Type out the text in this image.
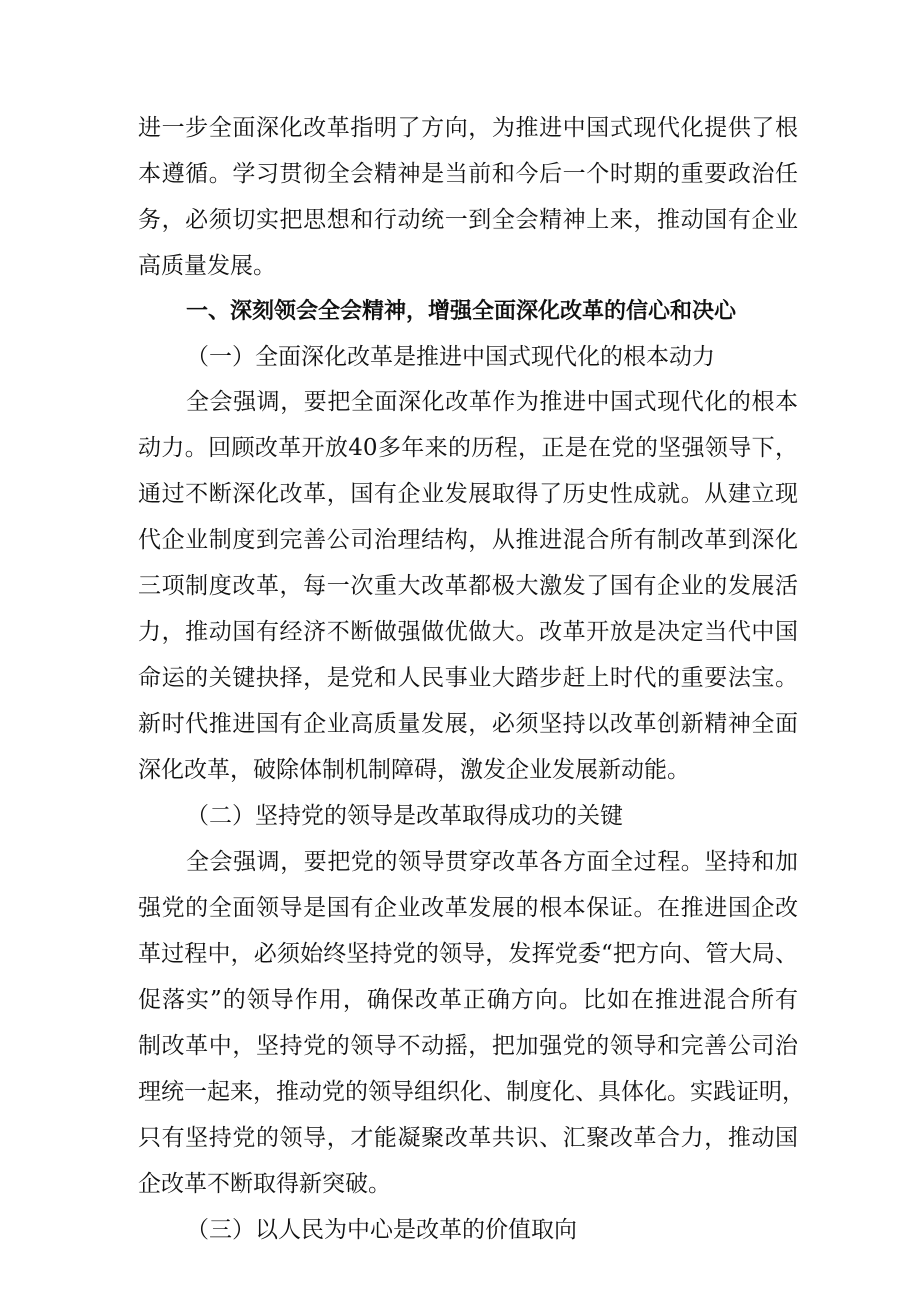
进一步全面深化改革指明了方向，为推进中国式现代化提供了根
本遵循。学习贯彻全会精神是当前和今后一个时期的重要政治任
务，必须切实把思想和行动统一到全会精神上来，推动国有企业
高质量发展。
一、深刻领会全会精神，增强全面深化改革的信心和决心
（一）全面深化改革是推进中国式现代化的根本动力
全会强调，要把全面深化改革作为推进中国式现代化的根本
动力。回顾改革开放40多年来的历程，正是在党的坚强领导下，
通过不断深化改革，国有企业发展取得了历史性成就。从建立现
代企业制度到完善公司治理结构，从推进混合所有制改革到深化
三项制度改革，每一次重大改革都极大激发了国有企业的发展活
力，推动国有经济不断做强做优做大。改革开放是决定当代中国
命运的关键抉择，是党和人民事业大踏步赶上时代的重要法宝。
新时代推进国有企业高质量发展，必须坚持以改革创新精神全面
深化改革，破除体制机制障碍，激发企业发展新动能。
（二）坚持党的领导是改革取得成功的关键
全会强调，要把党的领导贯穿改革各方面全过程。坚持和加
强党的全面领导是国有企业改革发展的根本保证。在推进国企改
革过程中，必须始终坚持党的领导，发挥党委“把方向、管大局、
促落实”的领导作用，确保改革正确方向。比如在推进混合所有
制改革中，坚持党的领导不动摇，把加强党的领导和完善公司治
理统一起来，推动党的领导组织化、制度化、具体化。实践证明，
只有坚持党的领导，才能凝聚改革共识、汇聚改革合力，推动国
企改革不断取得新突破。
（三）以人民为中心是改革的价值取向
